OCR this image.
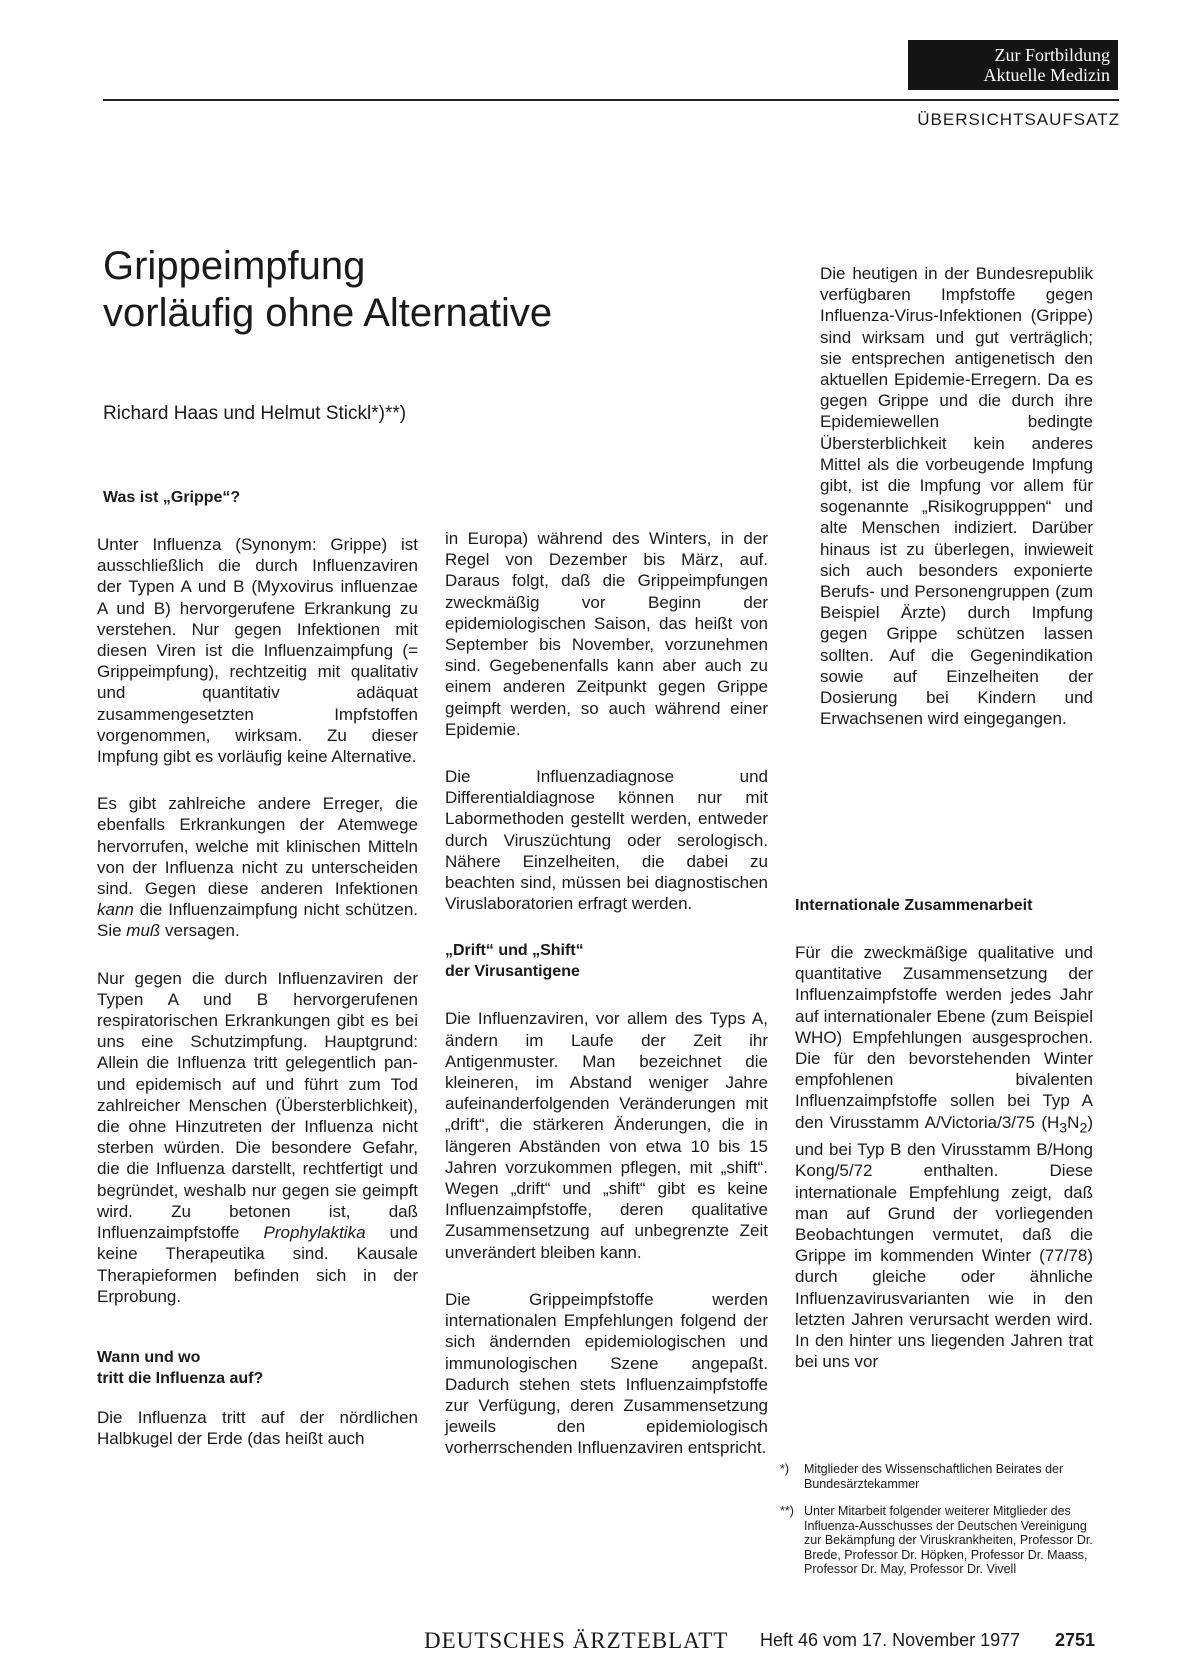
Zur Fortbildung
Aktuelle Medizin
ÜBERSICHTSAUFSATZ
Grippeimpfung
vorläufig ohne Alternative
Richard Haas und Helmut Stickl*)**)
Was ist „Grippe“?

Unter Influenza (Synonym: Grippe) ist ausschließlich die durch Influenzaviren der Typen A und B (Myxovirus influenzae A und B) hervorgerufene Erkrankung zu verstehen. Nur gegen Infektionen mit diesen Viren ist die Influenzaimpfung (= Grippeimpfung), rechtzeitig mit qualitativ und quantitativ adäquat zusammengesetzten Impfstoffen vorgenommen, wirksam. Zu dieser Impfung gibt es vorläufig keine Alternative.

Es gibt zahlreiche andere Erreger, die ebenfalls Erkrankungen der Atemwege hervorrufen, welche mit klinischen Mitteln von der Influenza nicht zu unterscheiden sind. Gegen diese anderen Infektionen kann die Influenzaimpfung nicht schützen. Sie muß versagen.

Nur gegen die durch Influenzaviren der Typen A und B hervorgerufenen respiratorischen Erkrankungen gibt es bei uns eine Schutzimpfung. Hauptgrund: Allein die Influenza tritt gelegentlich pan- und epidemisch auf und führt zum Tod zahlreicher Menschen (Übersterblichkeit), die ohne Hinzutreten der Influenza nicht sterben würden. Die besondere Gefahr, die die Influenza darstellt, rechtfertigt und begründet, weshalb nur gegen sie geimpft wird. Zu betonen ist, daß Influenzaimpfstoffe Prophylaktika und keine Therapeutika sind. Kausale Therapieformen befinden sich in der Erprobung.

Wann und wo
tritt die Influenza auf?

Die Influenza tritt auf der nördlichen Halbkugel der Erde (das heißt auch

in Europa) während des Winters, in der Regel von Dezember bis März, auf. Daraus folgt, daß die Grippeimpfungen zweckmäßig vor Beginn der epidemiologischen Saison, das heißt von September bis November, vorzunehmen sind. Gegebenenfalls kann aber auch zu einem anderen Zeitpunkt gegen Grippe geimpft werden, so auch während einer Epidemie.

Die Influenzadiagnose und Differentialdiagnose können nur mit Labormethoden gestellt werden, entweder durch Viruszüchtung oder serologisch. Nähere Einzelheiten, die dabei zu beachten sind, müssen bei diagnostischen Viruslaboratorien erfragt werden.

„Drift“ und „Shift“
der Virusantigene

Die Influenzaviren, vor allem des Typs A, ändern im Laufe der Zeit ihr Antigenmuster. Man bezeichnet die kleineren, im Abstand weniger Jahre aufeinanderfolgenden Veränderungen mit „drift“, die stärkeren Änderungen, die in längeren Abständen von etwa 10 bis 15 Jahren vorzukommen pflegen, mit „shift“. Wegen „drift“ und „shift“ gibt es keine Influenzaimpfstoffe, deren qualitative Zusammensetzung auf unbegrenzte Zeit unverändert bleiben kann.

Die Grippeimpfstoffe werden internationalen Empfehlungen folgend der sich ändernden epidemiologischen und immunologischen Szene angepaßt. Dadurch stehen stets Influenzaimpfstoffe zur Verfügung, deren Zusammensetzung jeweils den epidemiologisch vorherrschenden Influenzaviren entspricht.

Die heutigen in der Bundesrepublik verfügbaren Impfstoffe gegen Influenza-Virus-Infektionen (Grippe) sind wirksam und gut verträglich; sie entsprechen antigenetisch den aktuellen Epidemie-Erregern. Da es gegen Grippe und die durch ihre Epidemiewellen bedingte Übersterblichkeit kein anderes Mittel als die vorbeugende Impfung gibt, ist die Impfung vor allem für sogenannte „Risikogrupppen“ und alte Menschen indiziert. Darüber hinaus ist zu überlegen, inwieweit sich auch besonders exponierte Berufs- und Personengruppen (zum Beispiel Ärzte) durch Impfung gegen Grippe schützen lassen sollten. Auf die Gegenindikation sowie auf Einzelheiten der Dosierung bei Kindern und Erwachsenen wird eingegangen.

Internationale Zusammenarbeit

Für die zweckmäßige qualitative und quantitative Zusammensetzung der Influenzaimpfstoffe werden jedes Jahr auf internationaler Ebene (zum Beispiel WHO) Empfehlungen ausgesprochen. Die für den bevorstehenden Winter empfohlenen bivalenten Influenzaimpfstoffe sollen bei Typ A den Virusstamm A/Victoria/3/75 $(H_3N_2)$ und bei Typ B den Virusstamm B/Hong Kong/5/72 enthalten. Diese internationale Empfehlung zeigt, daß man auf Grund der vorliegenden Beobachtungen vermutet, daß die Grippe im kommenden Winter (77/78) durch gleiche oder ähnliche Influenzavirusvarianten wie in den letzten Jahren verursacht werden wird. In den hinter uns liegenden Jahren trat bei uns vor

*) Mitglieder des Wissenschaftlichen Beirates der Bundesärztekammer
**) Unter Mitarbeit folgender weiterer Mitglieder des Influenza-Ausschusses der Deutschen Vereinigung zur Bekämpfung der Viruskrankheiten, Professor Dr. Brede, Professor Dr. Höpken, Professor Dr. Maass, Professor Dr. May, Professor Dr. Vivell
DEUTSCHES ÄRZTEBLATT Heft 46 vom 17. November 1977 2751
